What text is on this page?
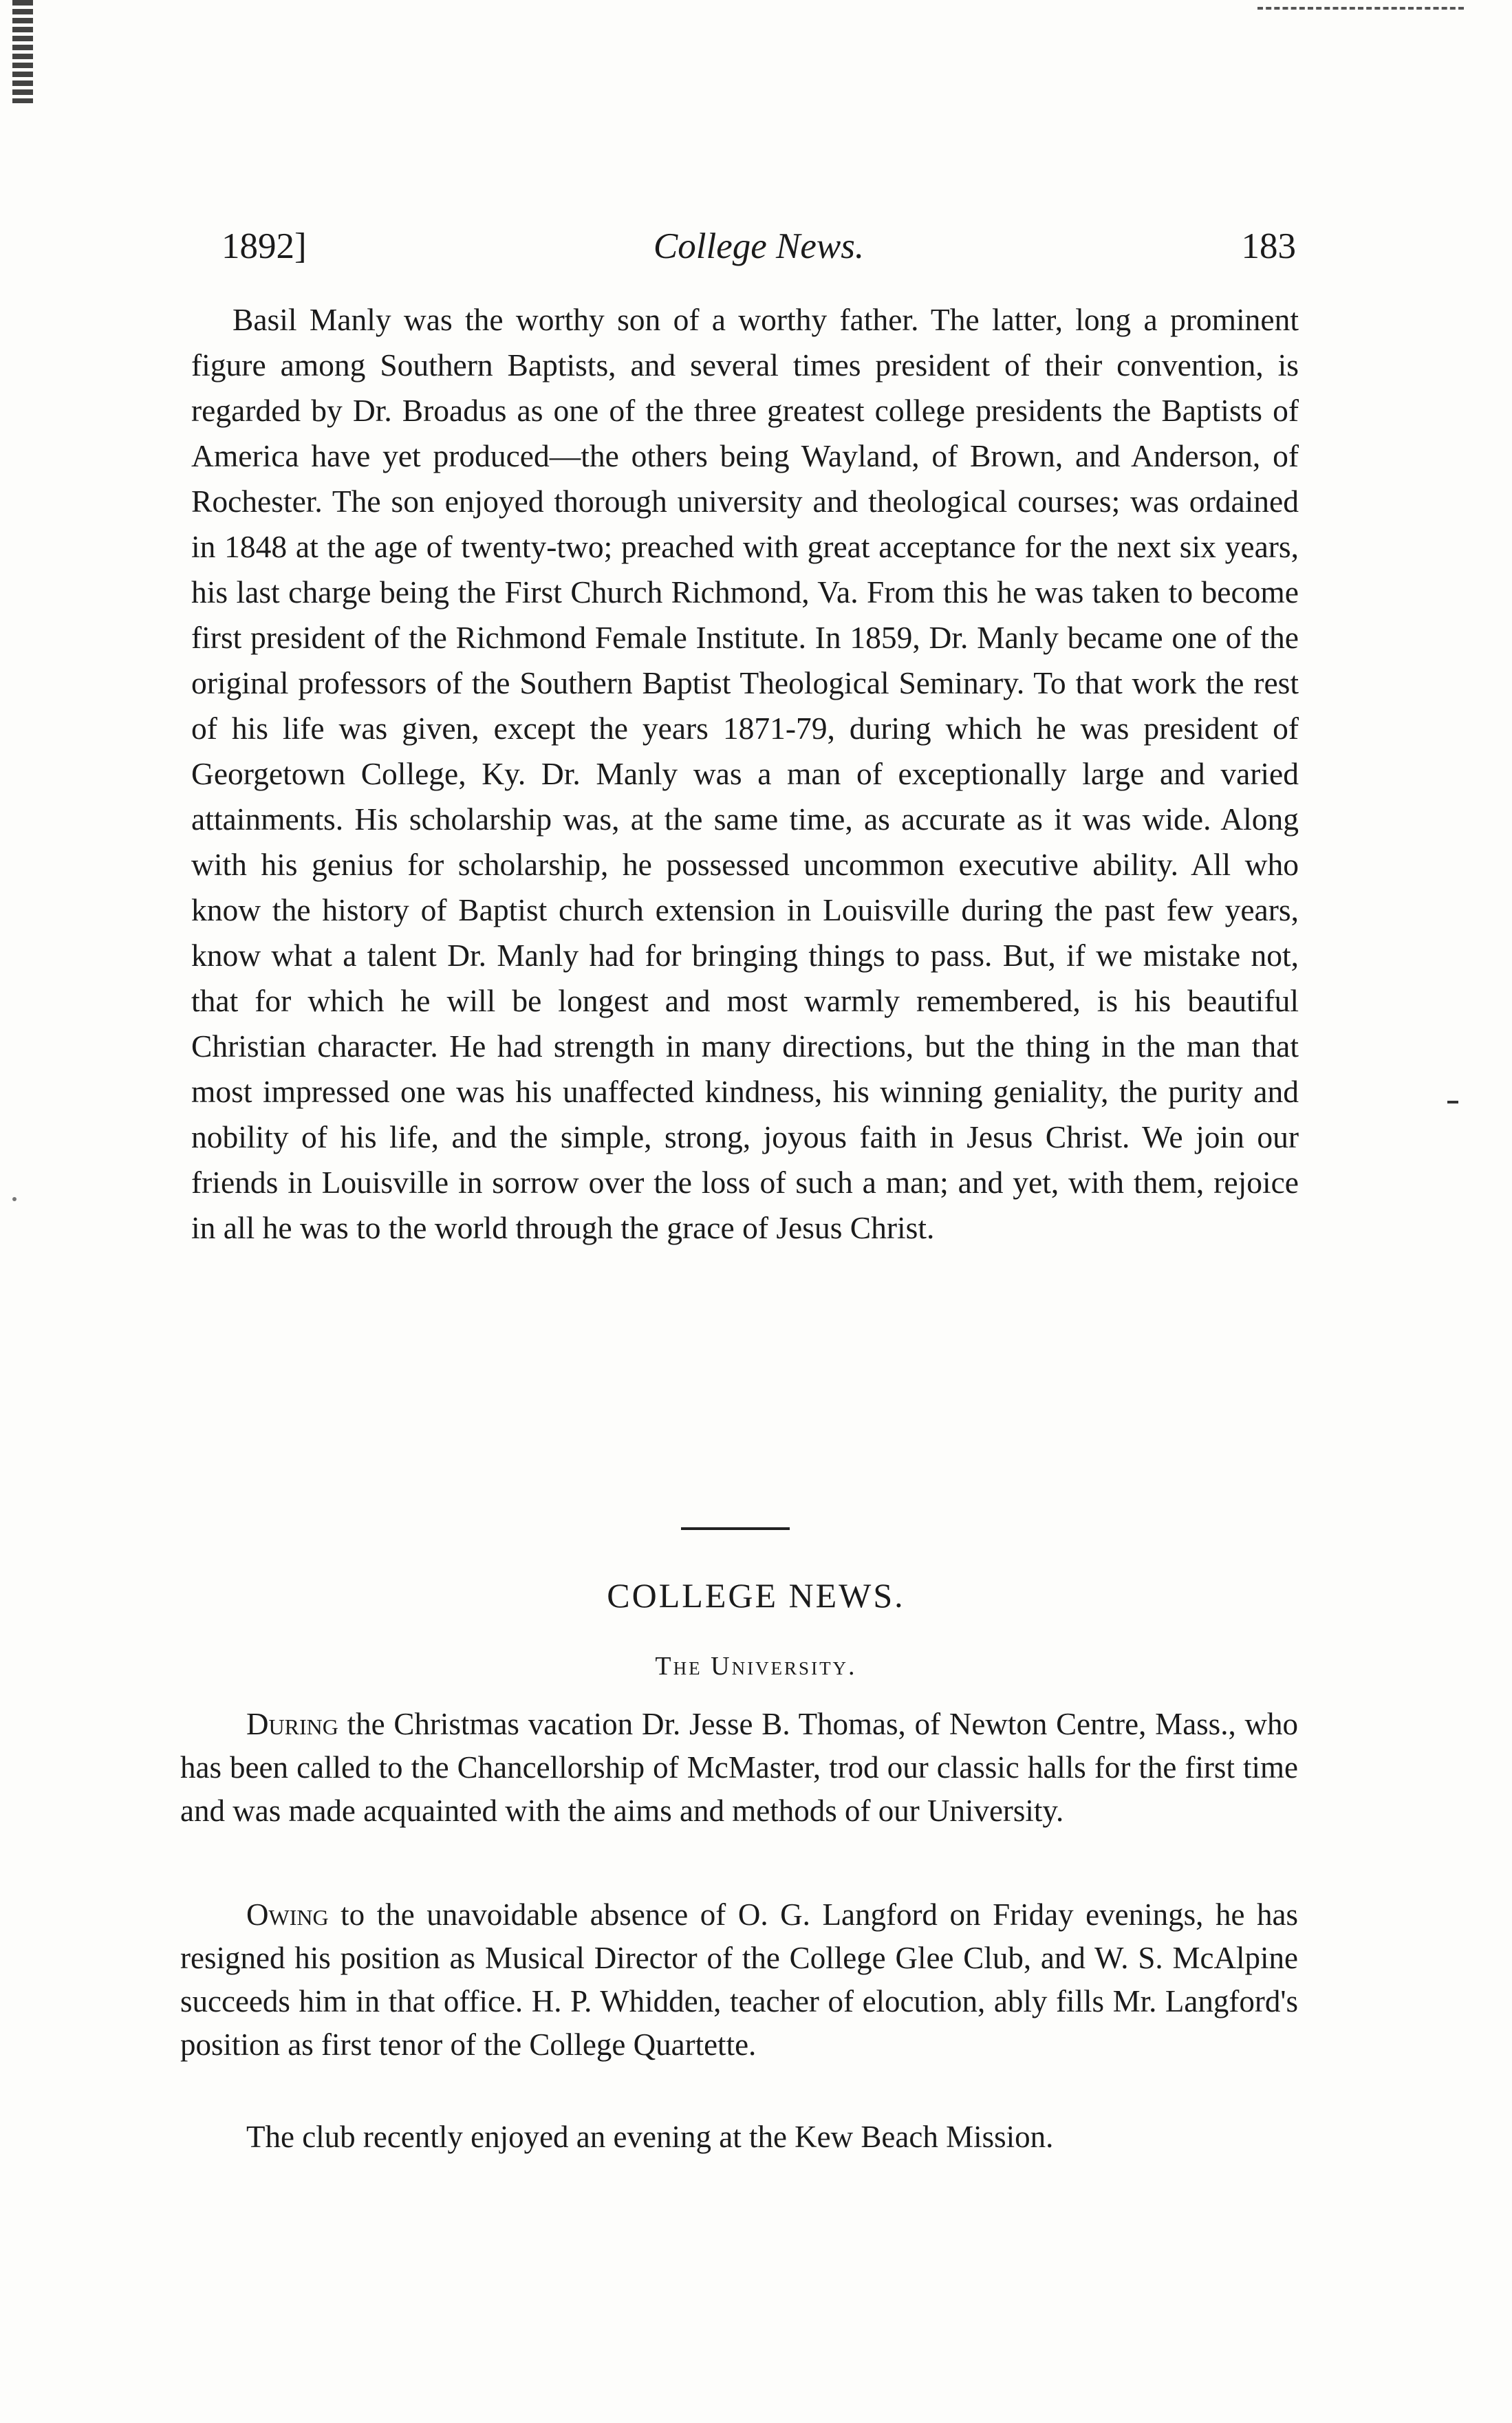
1892]	College News.	183

Basil Manly was the worthy son of a worthy father. The latter, long a prominent figure among Southern Baptists, and several times president of their convention, is regarded by Dr. Broadus as one of the three greatest college presidents the Baptists of America have yet produced—the others being Wayland, of Brown, and Anderson, of Rochester. The son enjoyed thorough university and theological courses; was ordained in 1848 at the age of twenty-two; preached with great acceptance for the next six years, his last charge being the First Church Richmond, Va. From this he was taken to become first president of the Richmond Female Institute. In 1859, Dr. Manly became one of the original professors of the Southern Baptist Theological Seminary. To that work the rest of his life was given, except the years 1871-79, during which he was president of Georgetown College, Ky. Dr. Manly was a man of exceptionally large and varied attainments. His scholarship was, at the same time, as accurate as it was wide. Along with his genius for scholarship, he possessed uncommon executive ability. All who know the history of Baptist church extension in Louisville during the past few years, know what a talent Dr. Manly had for bringing things to pass. But, if we mistake not, that for which he will be longest and most warmly remembered, is his beautiful Christian character. He had strength in many directions, but the thing in the man that most impressed one was his unaffected kindness, his winning geniality, the purity and nobility of his life, and the simple, strong, joyous faith in Jesus Christ. We join our friends in Louisville in sorrow over the loss of such a man; and yet, with them, rejoice in all he was to the world through the grace of Jesus Christ.

COLLEGE NEWS.
The University.

During the Christmas vacation Dr. Jesse B. Thomas, of Newton Centre, Mass., who has been called to the Chancellorship of McMaster, trod our classic halls for the first time and was made acquainted with the aims and methods of our University.

Owing to the unavoidable absence of O. G. Langford on Friday evenings, he has resigned his position as Musical Director of the College Glee Club, and W. S. McAlpine succeeds him in that office. H. P. Whidden, teacher of elocution, ably fills Mr. Langford's position as first tenor of the College Quartette.

The club recently enjoyed an evening at the Kew Beach Mission.
